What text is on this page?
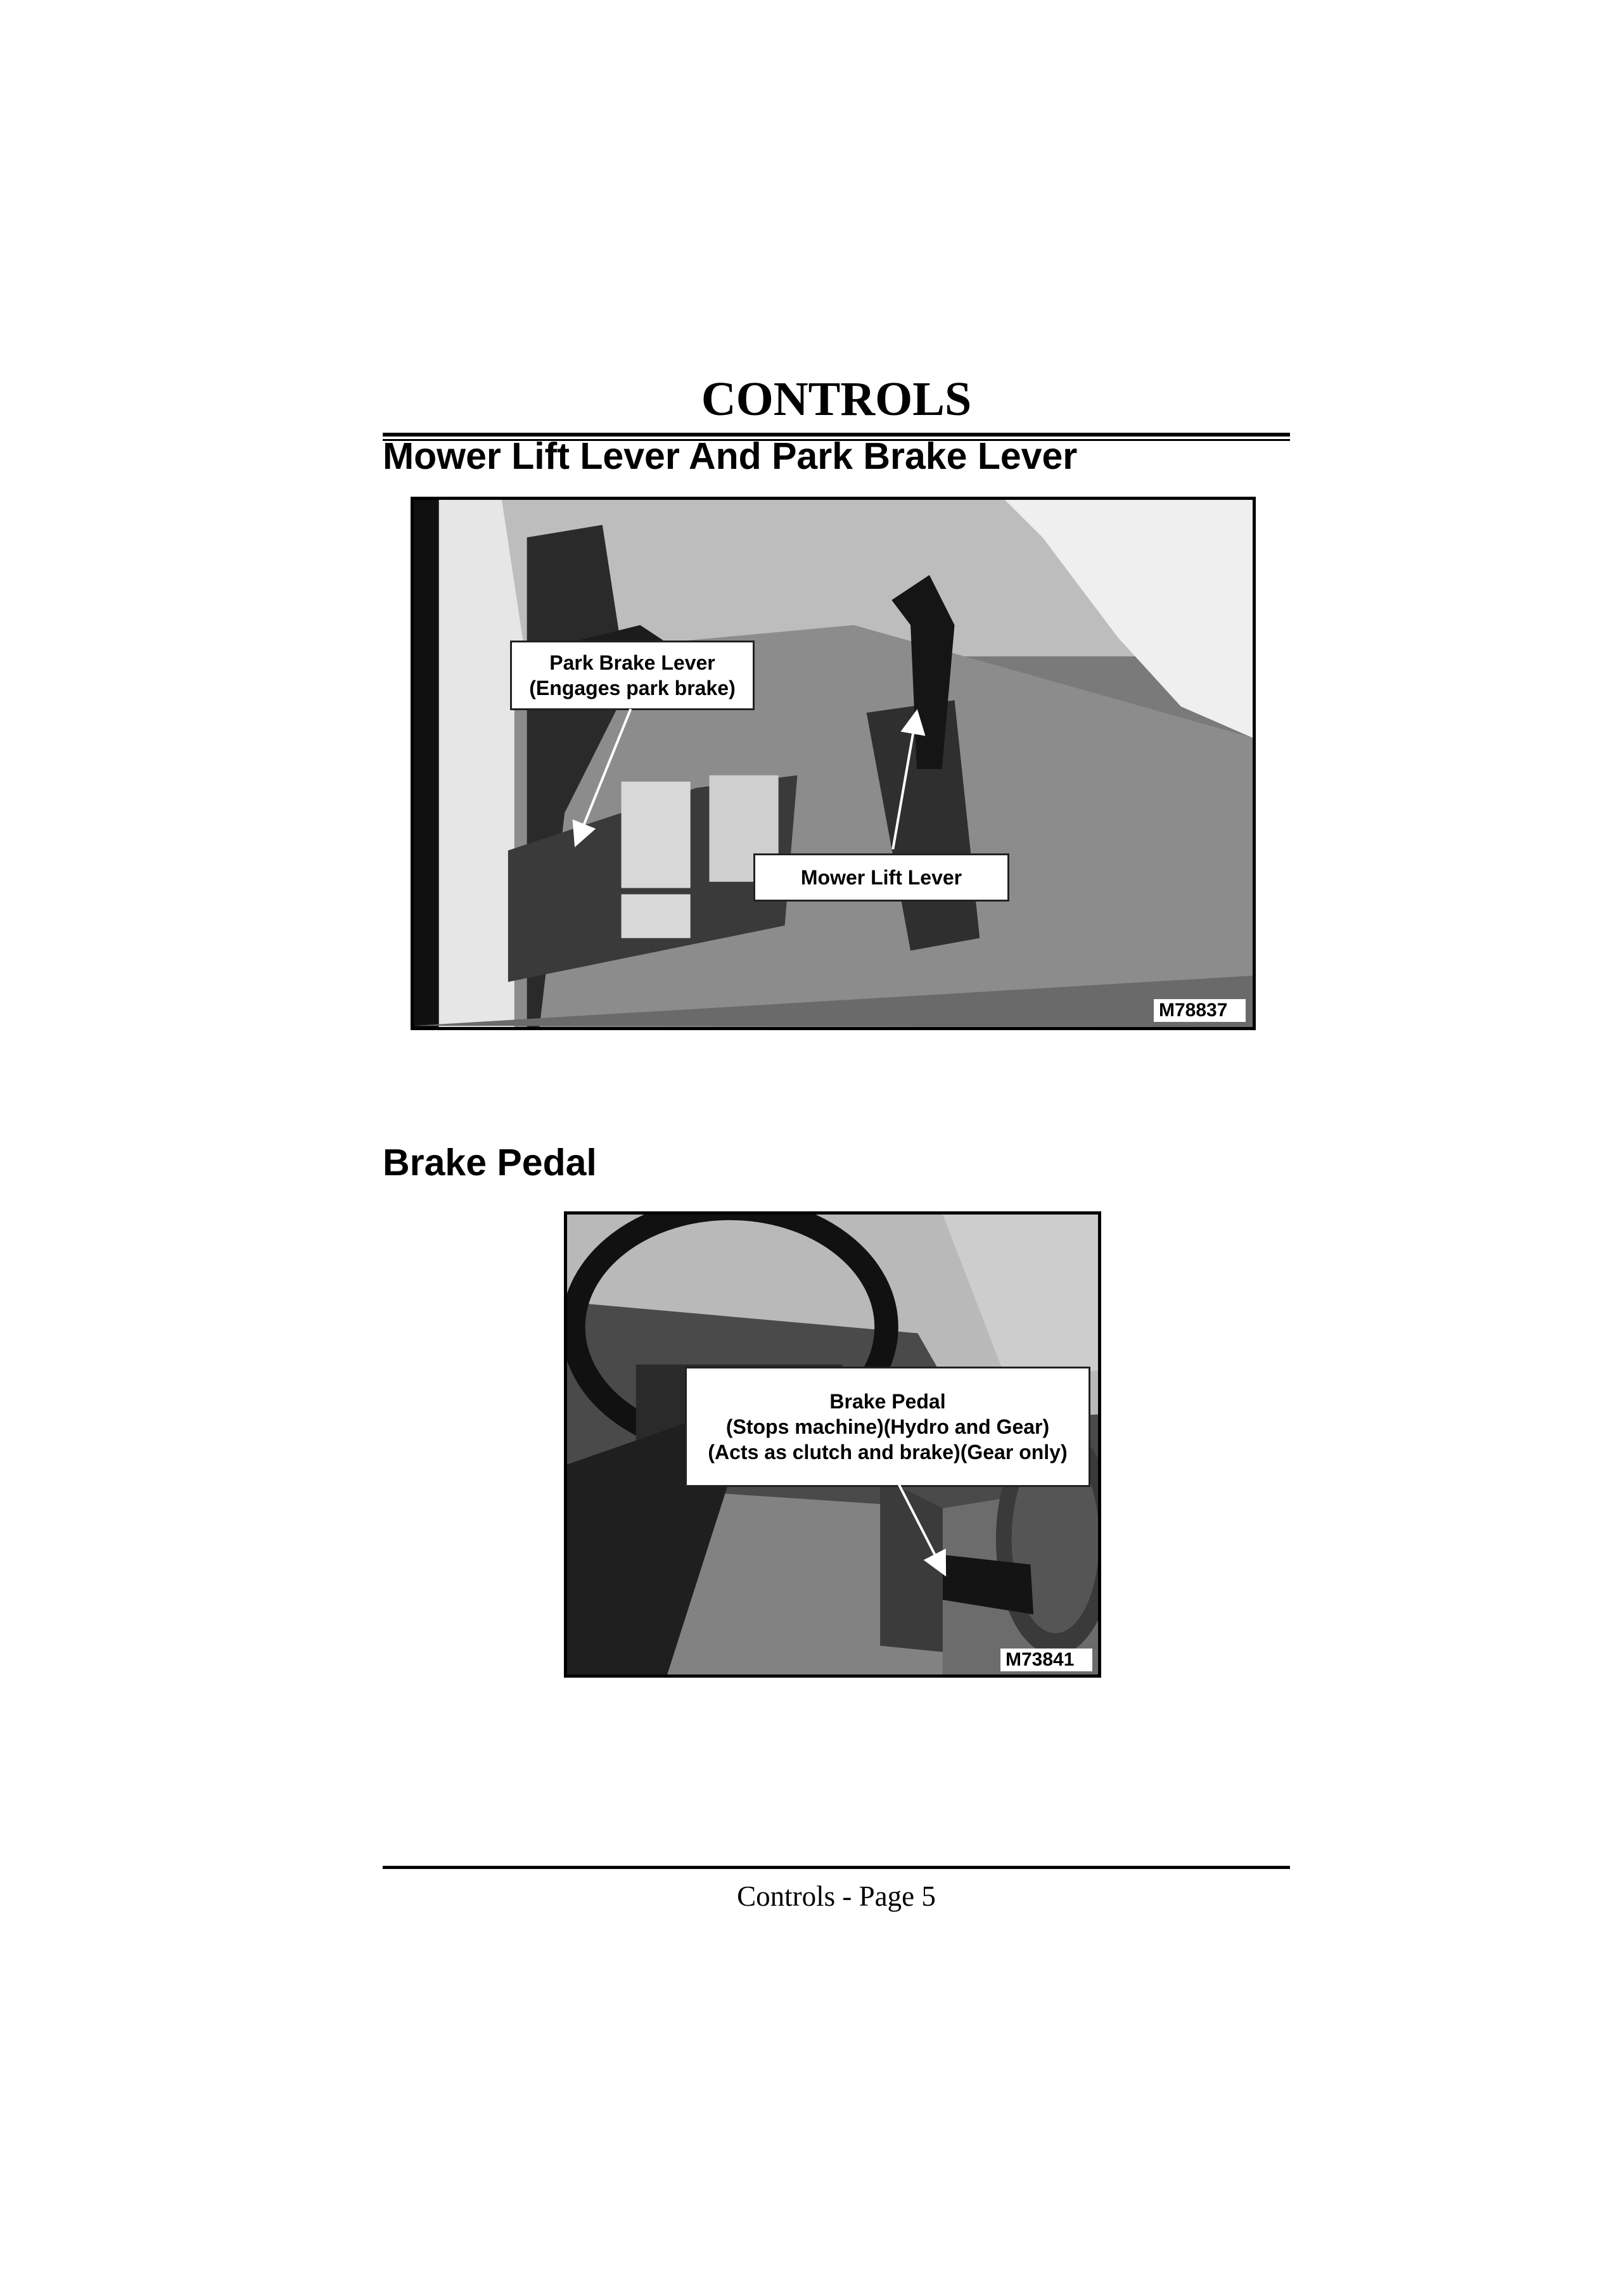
CONTROLS
Mower Lift Lever And Park Brake Lever
Park Brake Lever
(Engages park brake)
Mower Lift Lever
M78837
Brake Pedal
Brake Pedal
(Stops machine)(Hydro and Gear)
(Acts as clutch and brake)(Gear only)
M73841
Controls - Page 5
